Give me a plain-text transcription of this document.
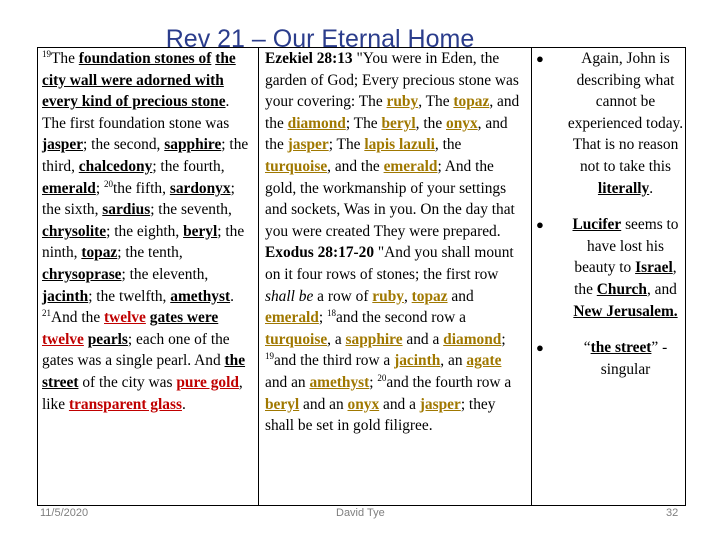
Rev 21 – Our Eternal Home
$^{19}$The foundation stones of the city wall were adorned with every kind of precious stone. The first foundation stone was jasper; the second, sapphire; the third, chalcedony; the fourth, emerald; $^{20}$the fifth, sardonyx; the sixth, sardius; the seventh, chrysolite; the eighth, beryl; the ninth, topaz; the tenth, chrysoprase; the eleventh, jacinth; the twelfth, amethyst. $^{21}$And the twelve gates were twelve pearls; each one of the gates was a single pearl. And the street of the city was pure gold, like transparent glass.

Ezekiel 28:13 "You were in Eden, the garden of God; Every precious stone was your covering: The ruby, The topaz, and the diamond; The beryl, the onyx, and the jasper; The lapis lazuli, the turquoise, and the emerald; And the gold, the workmanship of your settings and sockets, Was in you. On the day that you were created They were prepared.
Exodus 28:17-20 "And you shall mount on it four rows of stones; the first row shall be a row of ruby, topaz and emerald; $^{18}$and the second row a turquoise, a sapphire and a diamond; $^{19}$and the third row a jacinth, an agate and an amethyst; $^{20}$and the fourth row a beryl and an onyx and a jasper; they shall be set in gold filigree.

● Again, John is describing what cannot be experienced today. That is no reason not to take this literally.
● Lucifer seems to have lost his beauty to Israel, the Church, and New Jerusalem.
●	“the street” - singular
11/5/2020	David Tye	32
